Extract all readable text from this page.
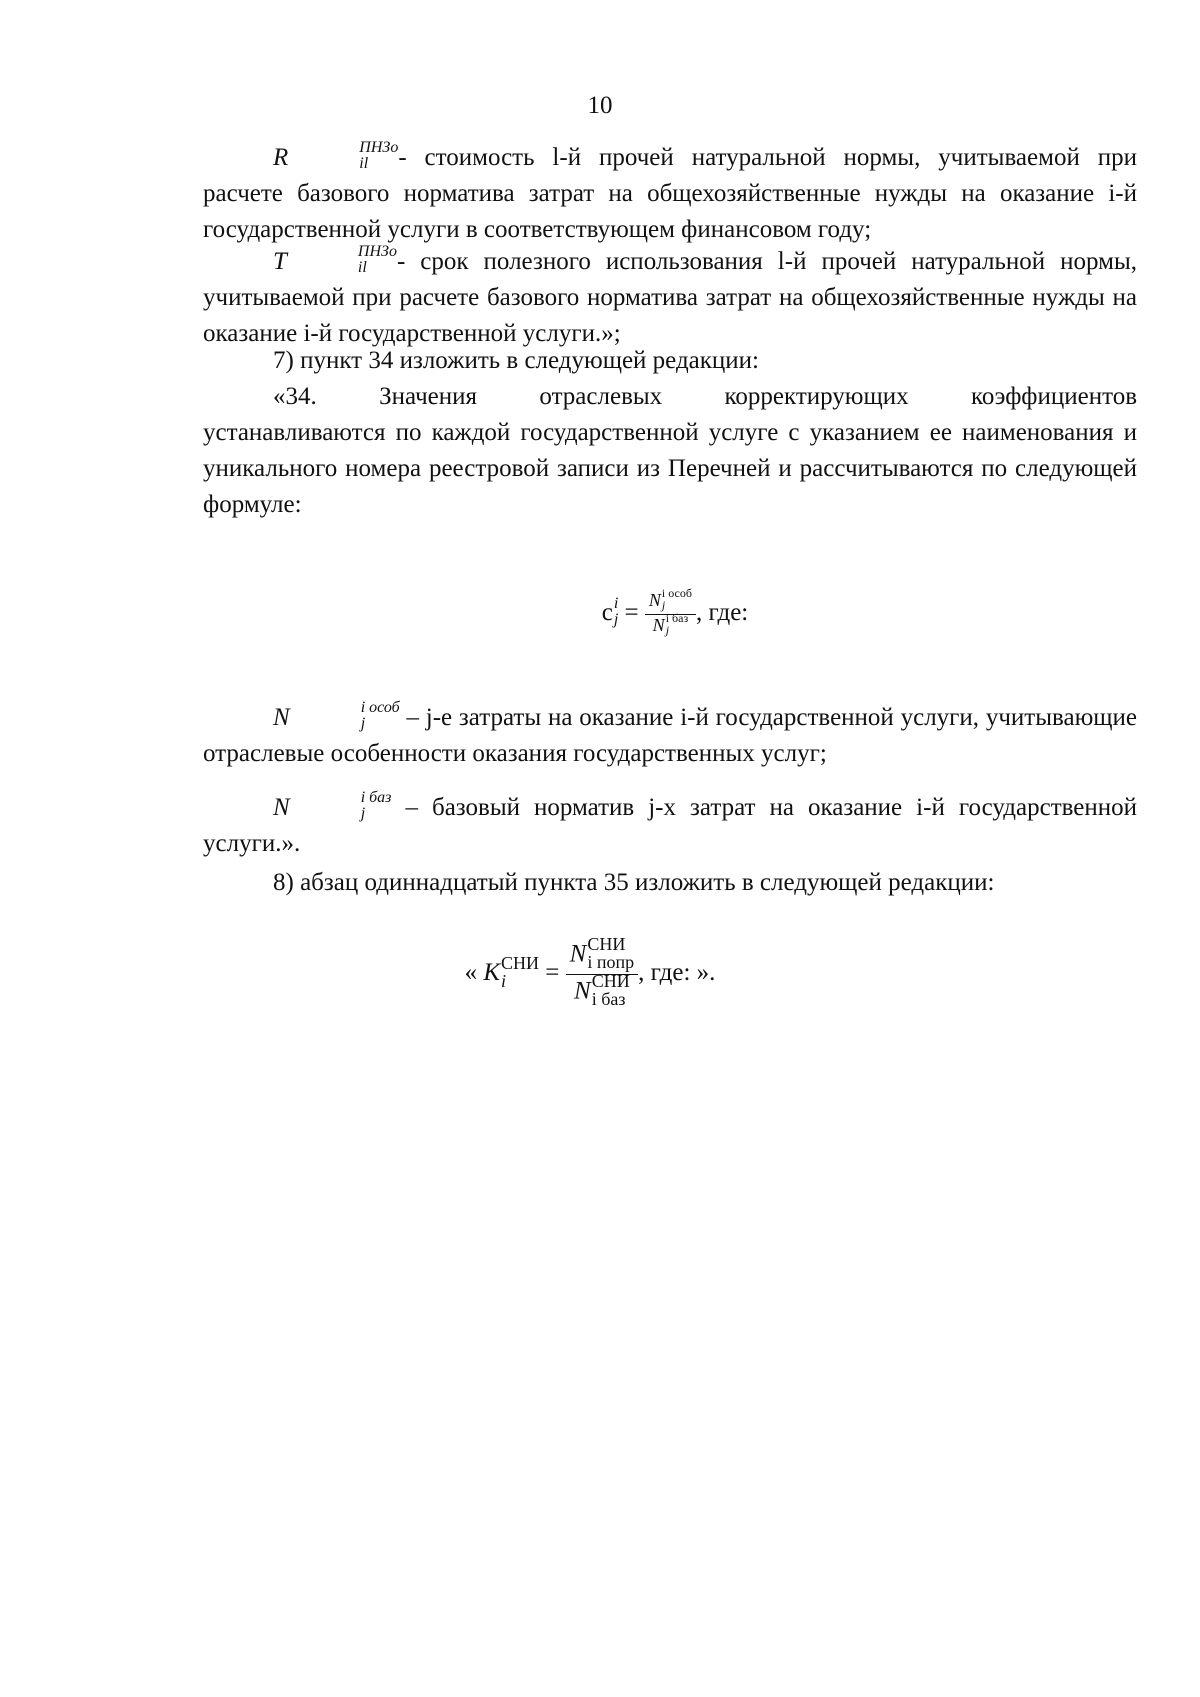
10

R	ПНЗо
il	- стоимость l-й прочей натуральной нормы, учитываемой при расчете базового норматива затрат на общехозяйственные нужды на оказание i-й государственной услуги в соответствующем финансовом году;

T	ПНЗо
il	- срок полезного использования l-й прочей натуральной нормы, учитываемой при расчете базового норматива затрат на общехозяйственные нужды на оказание i-й государственной услуги.»;

7) пункт 34 изложить в следующей редакции:

«34. Значения отраслевых корректирующих коэффициентов

устанавливаются по каждой государственной услуге с указанием ее наименования и уникального номера реестровой записи из Перечней и рассчитываются по следующей формуле:

c i
j = N i особ
j
N i баз
j , где:

N	i особ
j	– j-е затраты на оказание i-й государственной услуги, учитывающие отраслевые особенности оказания государственных услуг;

N	i баз
j	– базовый норматив j-х затрат на оказание i-й государственной услуги.».

8) абзац одиннадцатый пункта 35 изложить в следующей редакции:

« K СНИ
i	= N СНИ
i попр
N СНИ
i баз , где: ».
